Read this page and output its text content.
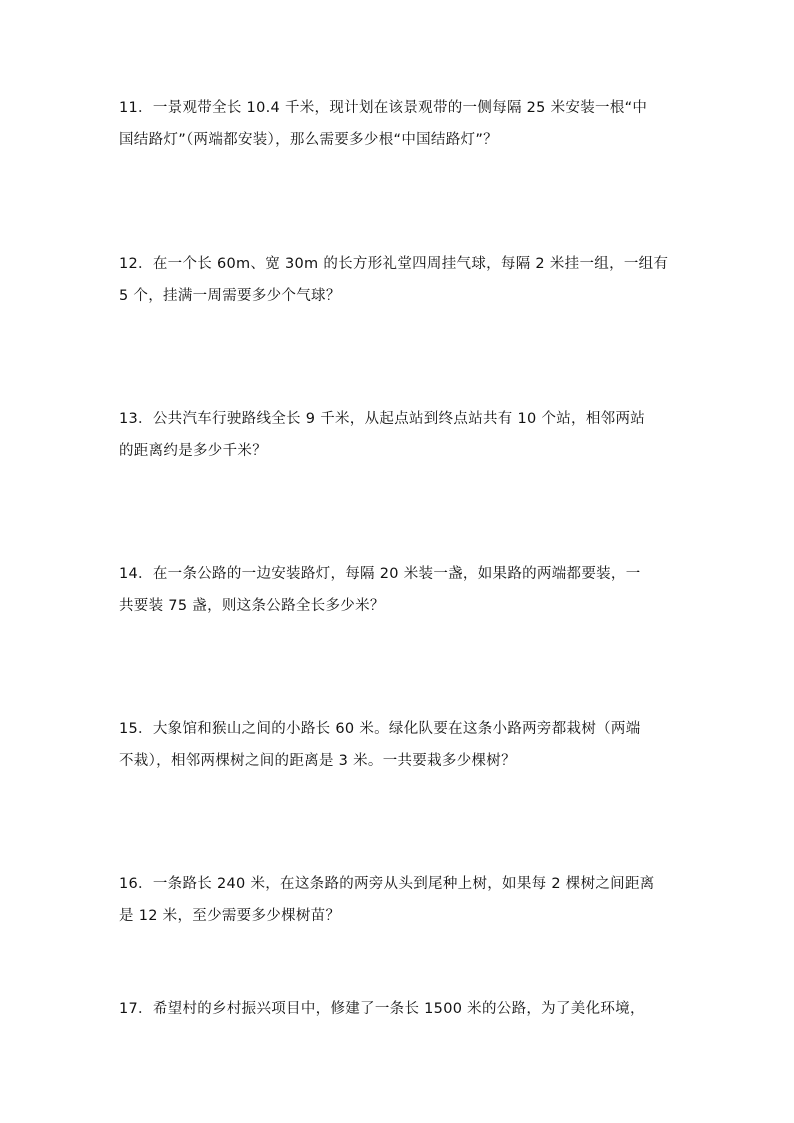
11．一景观带全长 10.4 千米，现计划在该景观带的一侧每隔 25 米安装一根“中
国结路灯”（两端都安装），那么需要多少根“中国结路灯”？
12．在一个长 60m、宽 30m 的长方形礼堂四周挂气球，每隔 2 米挂一组，一组有
5 个，挂满一周需要多少个气球？
13．公共汽车行驶路线全长 9 千米，从起点站到终点站共有 10 个站，相邻两站
的距离约是多少千米？
14．在一条公路的一边安装路灯，每隔 20 米装一盏，如果路的两端都要装，一
共要装 75 盏，则这条公路全长多少米？
15．大象馆和猴山之间的小路长 60 米。绿化队要在这条小路两旁都栽树（两端
不栽），相邻两棵树之间的距离是 3 米。一共要栽多少棵树？
16．一条路长 240 米，在这条路的两旁从头到尾种上树，如果每 2 棵树之间距离
是 12 米，至少需要多少棵树苗？
17．希望村的乡村振兴项目中，修建了一条长 1500 米的公路，为了美化环境，
